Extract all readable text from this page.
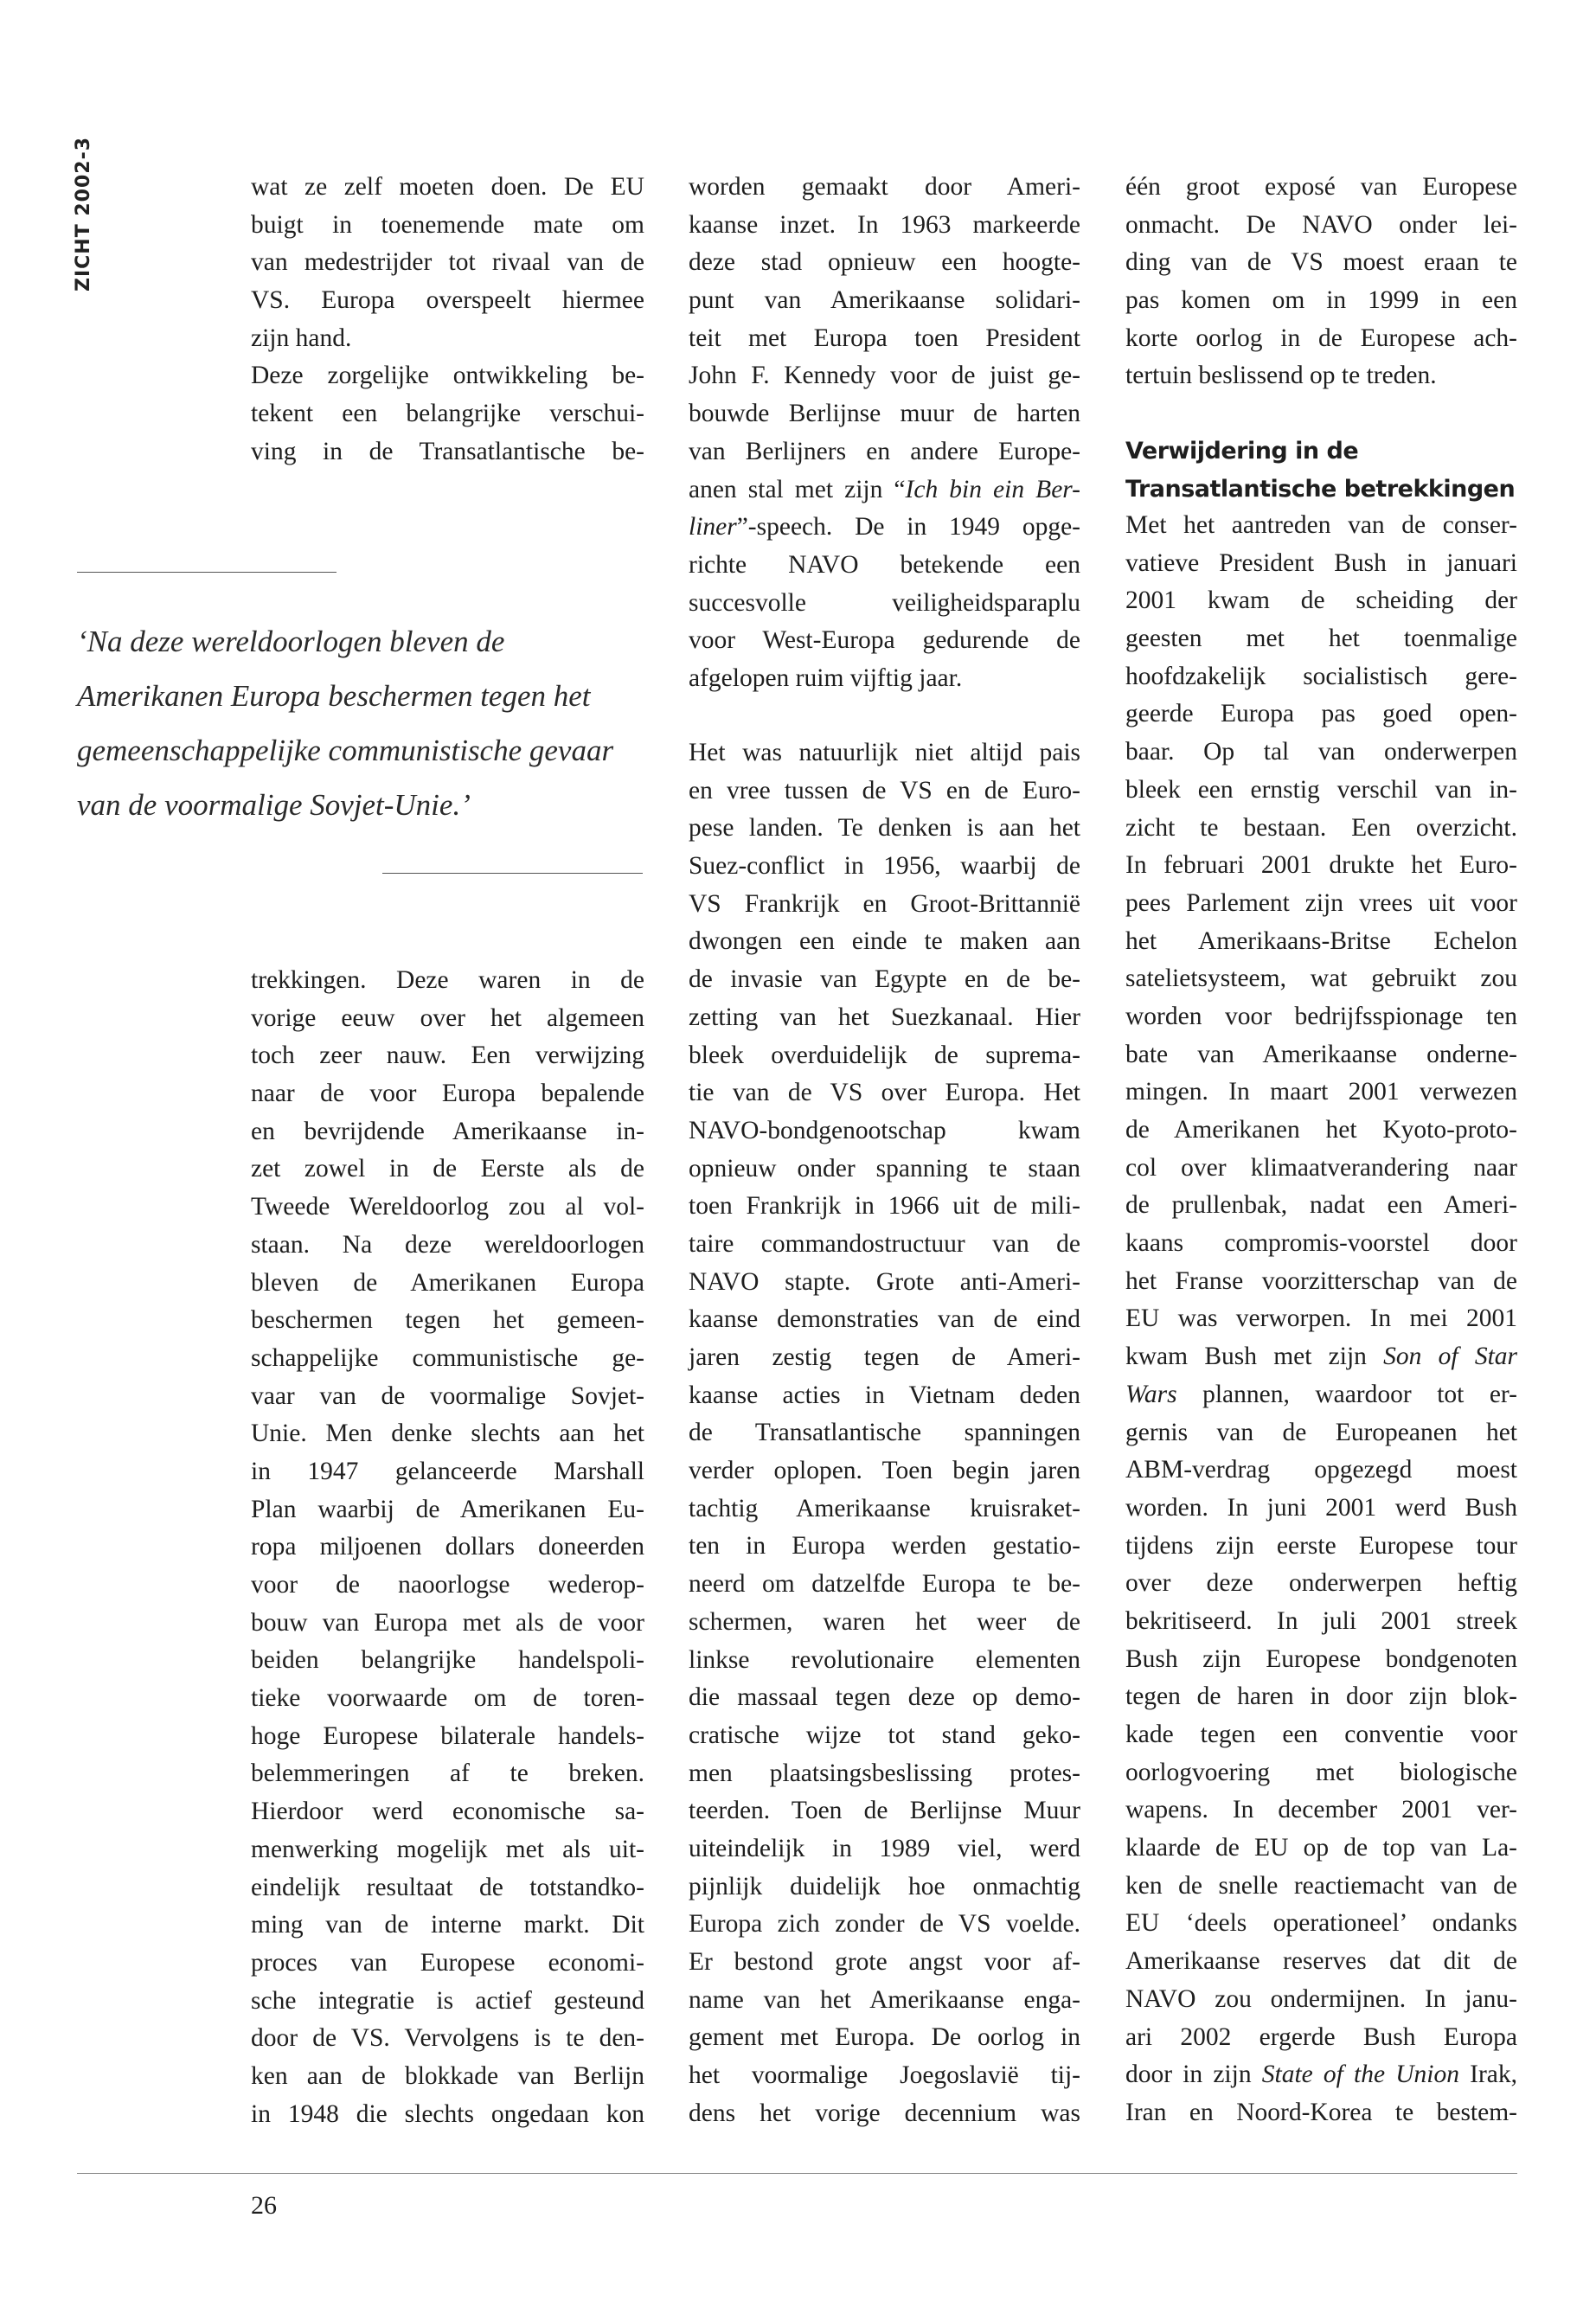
ZICHT 2002-3	wat ze zelf moeten doen. De EU
buigt in toenemende mate om
van medestrijder tot rivaal van de
VS. Europa overspeelt hiermee
zijn hand.
Deze zorgelijke ontwikkeling be-
tekent een belangrijke verschui-
ving in de Transatlantische be-
trekkingen. Deze waren in de
vorige eeuw over het algemeen
toch zeer nauw. Een verwijzing
naar de voor Europa bepalende
en bevrijdende Amerikaanse in-
zet zowel in de Eerste als de
Tweede Wereldoorlog zou al vol-
staan. Na deze wereldoorlogen
bleven de Amerikanen Europa
beschermen tegen het gemeen-
schappelijke communistische ge-
vaar van de voormalige Sovjet-
Unie. Men denke slechts aan het
in 1947 gelanceerde Marshall
Plan waarbij de Amerikanen Eu-
ropa miljoenen dollars doneerden
voor de naoorlogse wederop-
bouw van Europa met als de voor
beiden belangrijke handelspoli-
tieke voorwaarde om de toren-
hoge Europese bilaterale handels-
belemmeringen af te breken.
Hierdoor werd economische sa-
menwerking mogelijk met als uit-
eindelijk resultaat de totstandko-
ming van de interne markt. Dit
proces van Europese economi-
sche integratie is actief gesteund
door de VS. Vervolgens is te den-
ken aan de blokkade van Berlijn
in 1948 die slechts ongedaan kon
worden gemaakt door Ameri-
kaanse inzet. In 1963 markeerde
deze stad opnieuw een hoogte-
punt van Amerikaanse solidari-
teit met Europa toen President
John F. Kennedy voor de juist ge-
bouwde Berlijnse muur de harten
van Berlijners en andere Europe-
anen stal met zijn “Ich bin ein Ber-
liner”-speech. De in 1949 opge-
richte NAVO betekende een
succesvolle veiligheidsparaplu
voor West-Europa gedurende de
afgelopen ruim vijftig jaar.
Het was natuurlijk niet altijd pais
en vree tussen de VS en de Euro-
pese landen. Te denken is aan het
Suez-conflict in 1956, waarbij de
VS Frankrijk en Groot-Brittannië
dwongen een einde te maken aan
de invasie van Egypte en de be-
zetting van het Suezkanaal. Hier
bleek overduidelijk de suprema-
tie van de VS over Europa. Het
NAVO-bondgenootschap kwam
opnieuw onder spanning te staan
toen Frankrijk in 1966 uit de mili-
taire commandostructuur van de
NAVO stapte. Grote anti-Ameri-
kaanse demonstraties van de eind
jaren zestig tegen de Ameri-
kaanse acties in Vietnam deden
de Transatlantische spanningen
verder oplopen. Toen begin jaren
tachtig Amerikaanse kruisraket-
ten in Europa werden gestatio-
neerd om datzelfde Europa te be-
schermen, waren het weer de
linkse revolutionaire elementen
die massaal tegen deze op demo-
cratische wijze tot stand geko-
men plaatsingsbeslissing protes-
teerden. Toen de Berlijnse Muur
uiteindelijk in 1989 viel, werd
pijnlijk duidelijk hoe onmachtig
Europa zich zonder de VS voelde.
Er bestond grote angst voor af-
name van het Amerikaanse enga-
gement met Europa. De oorlog in
het voormalige Joegoslavië tij-
dens het vorige decennium was
één groot exposé van Europese
onmacht. De NAVO onder lei-
ding van de VS moest eraan te
pas komen om in 1999 in een
korte oorlog in de Europese ach-
tertuin beslissend op te treden.
Met het aantreden van de conser-
vatieve President Bush in januari
2001 kwam de scheiding der
geesten met het toenmalige
hoofdzakelijk socialistisch gere-
geerde Europa pas goed open-
baar. Op tal van onderwerpen
bleek een ernstig verschil van in-
zicht te bestaan. Een overzicht.
In februari 2001 drukte het Euro-
pees Parlement zijn vrees uit voor
het Amerikaans-Britse Echelon
satelietsysteem, wat gebruikt zou
worden voor bedrijfsspionage ten
bate van Amerikaanse onderne-
mingen. In maart 2001 verwezen
de Amerikanen het Kyoto-proto-
col over klimaatverandering naar
de prullenbak, nadat een Ameri-
kaans compromis-voorstel door
het Franse voorzitterschap van de
EU was verworpen. In mei 2001
kwam Bush met zijn Son of Star
Wars plannen, waardoor tot er-
gernis van de Europeanen het
ABM-verdrag opgezegd moest
worden. In juni 2001 werd Bush
tijdens zijn eerste Europese tour
over deze onderwerpen heftig
bekritiseerd. In juli 2001 streek
Bush zijn Europese bondgenoten
tegen de haren in door zijn blok-
kade tegen een conventie voor
oorlogvoering met biologische
wapens. In december 2001 ver-
klaarde de EU op de top van La-
ken de snelle reactiemacht van de
EU ‘deels operationeel’ ondanks
Amerikaanse reserves dat dit de
NAVO zou ondermijnen. In janu-
ari 2002 ergerde Bush Europa
door in zijn State of the Union Irak,
Iran en Noord-Korea te bestem-
Verwijdering in de
Transatlantische betrekkingen
‘Na deze wereldoorlogen bleven de
Amerikanen Europa beschermen tegen het
gemeenschappelijke communistische gevaar
van de voormalige Sovjet-Unie.’
26
